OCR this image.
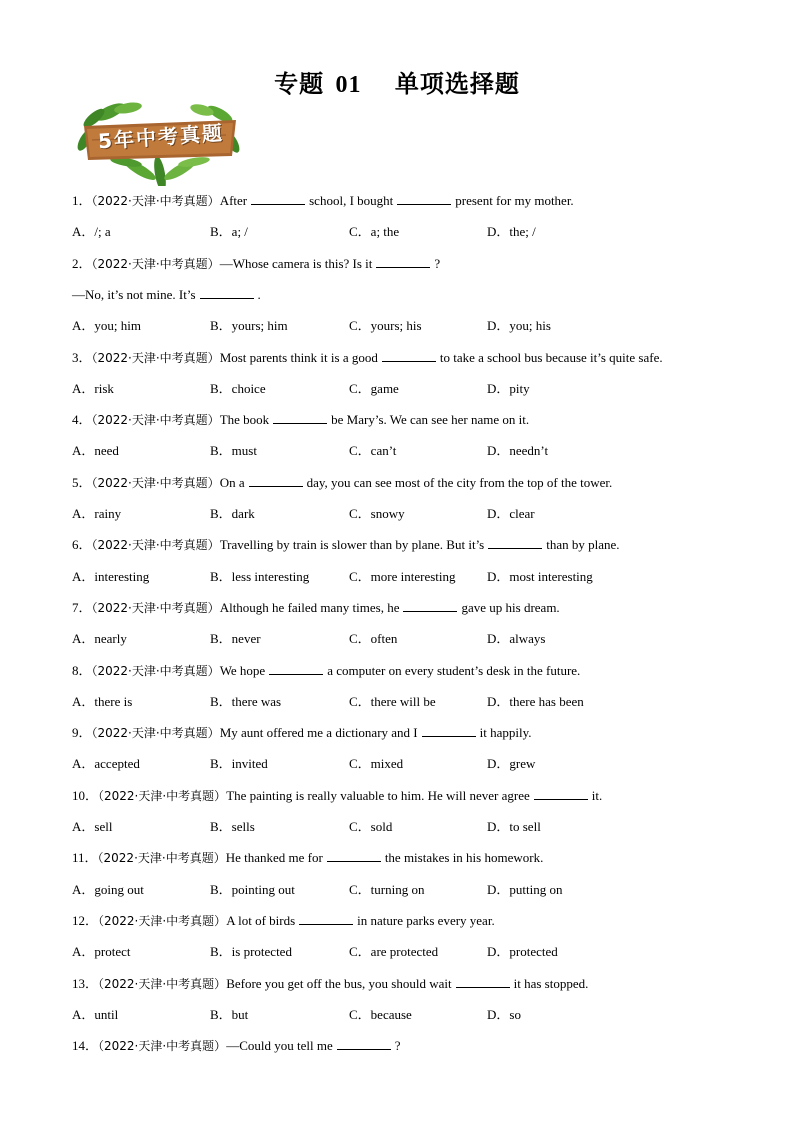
专题 01 单项选择题
5年中考真题
1．（2022·天津·中考真题）After	school, I bought	present for my mother.
A．/; a	B．a; /	C．a; the	D．the; /
2．（2022·天津·中考真题）—Whose camera is this? Is it	?
—No, it’s not mine. It’s	.
A．you; him	B．yours; him	C．yours; his	D．you; his
3．（2022·天津·中考真题）Most parents think it is a good	to take a school bus because it’s quite safe.
A．risk	B．choice	C．game	D．pity
4．（2022·天津·中考真题）The book	be Mary’s. We can see her name on it.
A．need	B．must	C．can’t	D．needn’t
5．（2022·天津·中考真题）On a	day, you can see most of the city from the top of the tower.
A．rainy	B．dark	C．snowy	D．clear
6．（2022·天津·中考真题）Travelling by train is slower than by plane. But it’s	than by plane.
A．interesting	B．less interesting	C．more interesting D．most interesting
7．（2022·天津·中考真题）Although he failed many times, he	gave up his dream.
A．nearly	B．never	C．often	D．always
8．（2022·天津·中考真题）We hope	a computer on every student’s desk in the future.
A．there is	B．there was	C．there will be	D．there has been
9．（2022·天津·中考真题）My aunt offered me a dictionary and I	it happily.
A．accepted	B．invited	C．mixed	D．grew
10．（2022·天津·中考真题）The painting is really valuable to him. He will never agree	it.
A．sell	B．sells	C．sold	D．to sell
11．（2022·天津·中考真题）He thanked me for	the mistakes in his homework.
A．going out	B．pointing out	C．turning on	D．putting on
12．（2022·天津·中考真题）A lot of birds	in nature parks every year.
A．protect	B．is protected	C．are protected	D．protected
13．（2022·天津·中考真题）Before you get off the bus, you should wait	it has stopped.
A．until	B．but	C．because	D．so
14．（2022·天津·中考真题）—Could you tell me	?
